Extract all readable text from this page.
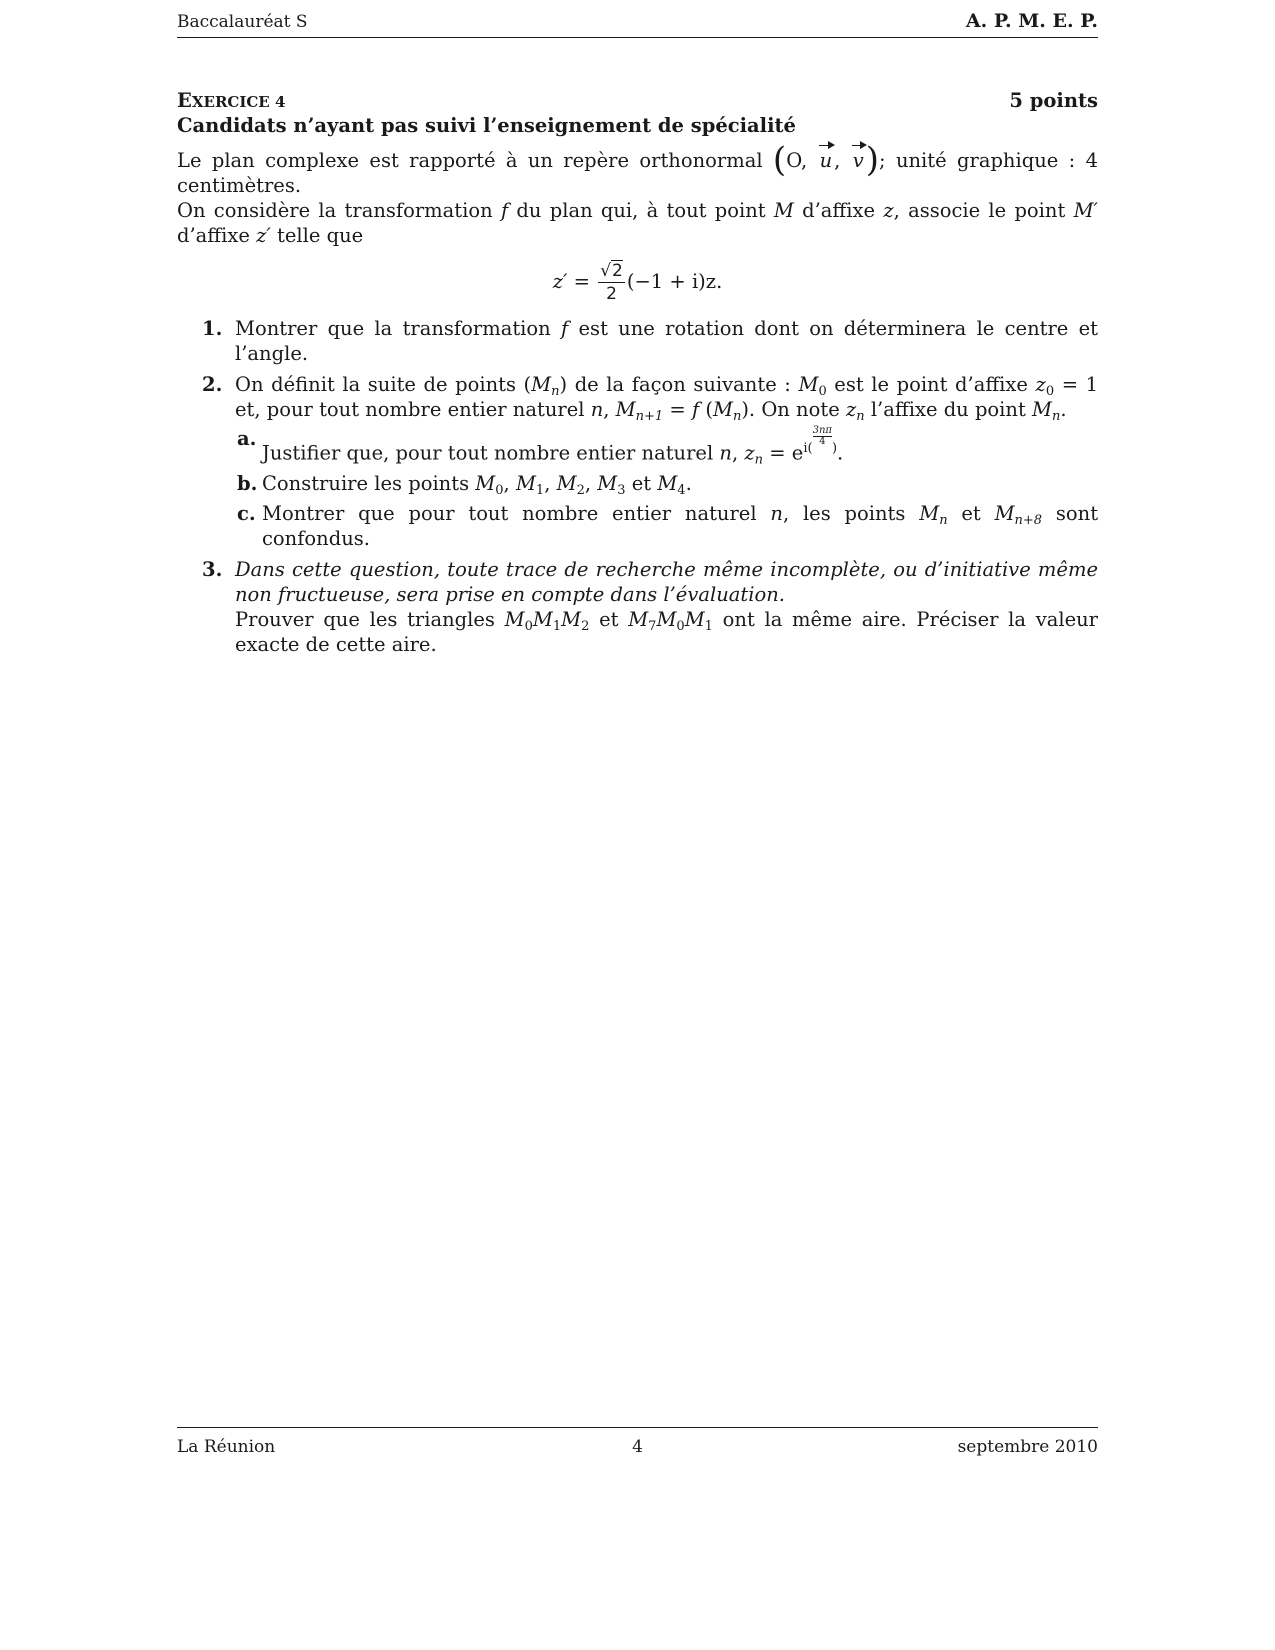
Baccalauréat S	A. P. M. E. P.
EXERCICE 4	5 points
Candidats n’ayant pas suivi l’enseignement de spécialité

Le plan complexe est rapporté à un repère orthonormal (O, u , v); unité graphique : 4 centimètres.

On considère la transformation f du plan qui, à tout point M d’affixe z, associe le point M′ d’affixe z′ telle que

$z' = \frac{√2}{2} (-1 + i)z$.
1. Montrer que la transformation f est une rotation dont on déterminera le centre et l’angle.
2. On définit la suite de points $(M_n)$ de la façon suivante : $M_0$ est le point d’affixe $z_0 = 1$ et, pour tout nombre entier naturel n, $M_{n+1} = f$ $(M_n)$. On note $z_n$ l’affixe du point $M_n$.
a.
Justifier que, pour tout nombre entier naturel n, $z_n = e^{i( \frac{3n\pi}{4} )}$.
b. Construire les points $M_0$, $M_1$, $M_2$, $M_3$ et $M_4$.
c. Montrer que pour tout nombre entier naturel n, les points $M_n$ et $M_{n+8}$ sont confondus.
3. Dans cette question, toute trace de recherche même incomplète, ou d’initiative même non fructueuse, sera prise en compte dans l’évaluation.
Prouver que les triangles $M_0M_1M_2$ et $M_7M_0M_1$ ont la même aire. Préciser la valeur exacte de cette aire.
La Réunion	4	septembre 2010
